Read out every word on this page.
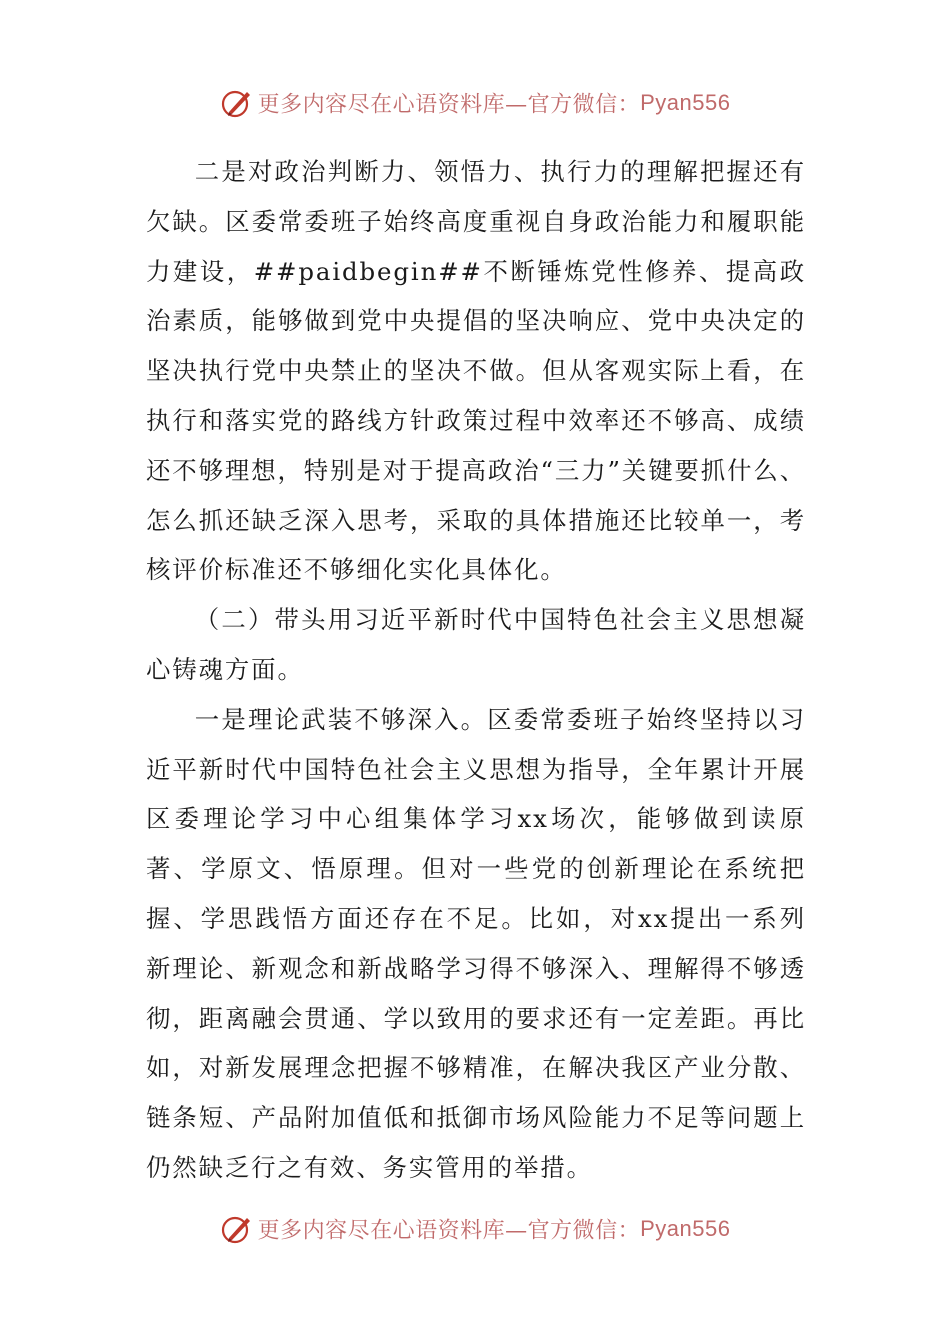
更多内容尽在心语资料库—官方微信：Pyan556

二是对政治判断力、领悟力、执行力的理解把握还有欠缺。区委常委班子始终高度重视自身政治能力和履职能力建设，##paidbegin##不断锤炼党性修养、提高政治素质，能够做到党中央提倡的坚决响应、党中央决定的坚决执行党中央禁止的坚决不做。但从客观实际上看，在执行和落实党的路线方针政策过程中效率还不够高、成绩还不够理想，特别是对于提高政治“三力”关键要抓什么、怎么抓还缺乏深入思考，采取的具体措施还比较单一，考核评价标准还不够细化实化具体化。

（二）带头用习近平新时代中国特色社会主义思想凝心铸魂方面。

一是理论武装不够深入。区委常委班子始终坚持以习近平新时代中国特色社会主义思想为指导，全年累计开展区委理论学习中心组集体学习xx场次，能够做到读原著、学原文、悟原理。但对一些党的创新理论在系统把握、学思践悟方面还存在不足。比如，对xx提出一系列新理论、新观念和新战略学习得不够深入、理解得不够透彻，距离融会贯通、学以致用的要求还有一定差距。再比如，对新发展理念把握不够精准，在解决我区产业分散、链条短、产品附加值低和抵御市场风险能力不足等问题上仍然缺乏行之有效、务实管用的举措。

更多内容尽在心语资料库—官方微信：Pyan556
